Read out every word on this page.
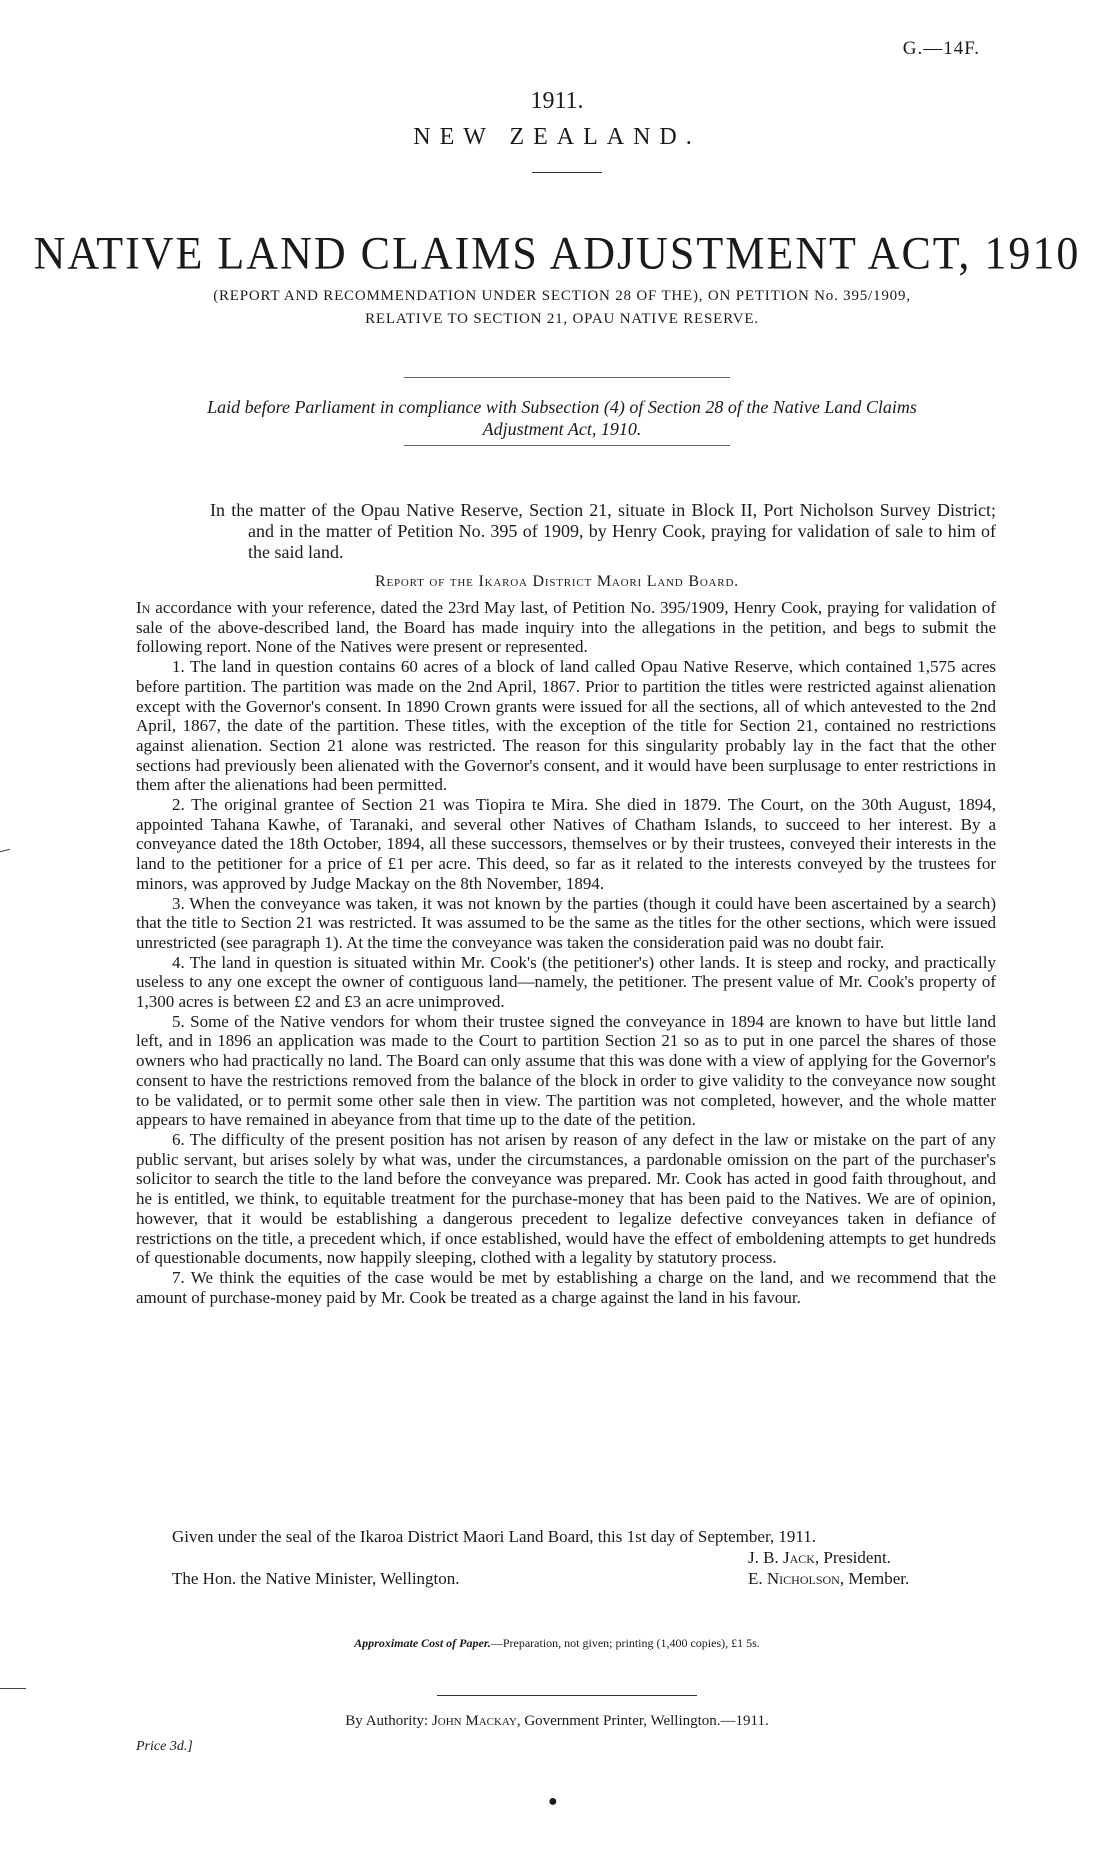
G.—14F.
1911.
NEW ZEALAND.
NATIVE LAND CLAIMS ADJUSTMENT ACT, 1910
(REPORT AND RECOMMENDATION UNDER SECTION 28 OF THE), ON PETITION No. 395/1909,
RELATIVE TO SECTION 21, OPAU NATIVE RESERVE.
Laid before Parliament in compliance with Subsection (4) of Section 28 of the Native Land Claims
Adjustment Act, 1910.

In the matter of the Opau Native Reserve, Section 21, situate in Block II, Port Nicholson Survey District; and in the matter of Petition No. 395 of 1909, by Henry Cook, praying for validation of sale to him of the said land.

Report of the Ikaroa District Maori Land Board.

In accordance with your reference, dated the 23rd May last, of Petition No. 395/1909, Henry Cook, praying for validation of sale of the above-described land, the Board has made inquiry into the allegations in the petition, and begs to submit the following report. None of the Natives were present or represented.

1. The land in question contains 60 acres of a block of land called Opau Native Reserve, which contained 1,575 acres before partition. The partition was made on the 2nd April, 1867. Prior to partition the titles were restricted against alienation except with the Governor's consent. In 1890 Crown grants were issued for all the sections, all of which antevested to the 2nd April, 1867, the date of the partition. These titles, with the exception of the title for Section 21, contained no restrictions against alienation. Section 21 alone was restricted. The reason for this singularity probably lay in the fact that the other sections had previously been alienated with the Governor's consent, and it would have been surplusage to enter restrictions in them after the alienations had been permitted.

2. The original grantee of Section 21 was Tiopira te Mira. She died in 1879. The Court, on the 30th August, 1894, appointed Tahana Kawhe, of Taranaki, and several other Natives of Chatham Islands, to succeed to her interest. By a conveyance dated the 18th October, 1894, all these successors, themselves or by their trustees, conveyed their interests in the land to the petitioner for a price of £1 per acre. This deed, so far as it related to the interests conveyed by the trustees for minors, was approved by Judge Mackay on the 8th November, 1894.

3. When the conveyance was taken, it was not known by the parties (though it could have been ascertained by a search) that the title to Section 21 was restricted. It was assumed to be the same as the titles for the other sections, which were issued unrestricted (see paragraph 1). At the time the conveyance was taken the consideration paid was no doubt fair.

4. The land in question is situated within Mr. Cook's (the petitioner's) other lands. It is steep and rocky, and practically useless to any one except the owner of contiguous land—namely, the petitioner. The present value of Mr. Cook's property of 1,300 acres is between £2 and £3 an acre unimproved.

5. Some of the Native vendors for whom their trustee signed the conveyance in 1894 are known to have but little land left, and in 1896 an application was made to the Court to partition Section 21 so as to put in one parcel the shares of those owners who had practically no land. The Board can only assume that this was done with a view of applying for the Governor's consent to have the restrictions removed from the balance of the block in order to give validity to the conveyance now sought to be validated, or to permit some other sale then in view. The partition was not completed, however, and the whole matter appears to have remained in abeyance from that time up to the date of the petition.

6. The difficulty of the present position has not arisen by reason of any defect in the law or mistake on the part of any public servant, but arises solely by what was, under the circumstances, a pardonable omission on the part of the purchaser's solicitor to search the title to the land before the conveyance was prepared. Mr. Cook has acted in good faith throughout, and he is entitled, we think, to equitable treatment for the purchase-money that has been paid to the Natives. We are of opinion, however, that it would be establishing a dangerous precedent to legalize defective conveyances taken in defiance of restrictions on the title, a precedent which, if once established, would have the effect of emboldening attempts to get hundreds of questionable documents, now happily sleeping, clothed with a legality by statutory process.

7. We think the equities of the case would be met by establishing a charge on the land, and we recommend that the amount of purchase-money paid by Mr. Cook be treated as a charge against the land in his favour.

Given under the seal of the Ikaroa District Maori Land Board, this 1st day of September, 1911.
J. B. Jack, President.
The Hon. the Native Minister, Wellington.	E. Nicholson, Member.
Approximate Cost of Paper.—Preparation, not given; printing (1,400 copies), £1 5s.
By Authority: John Mackay, Government Printer, Wellington.—1911.
Price 3d.]
●
